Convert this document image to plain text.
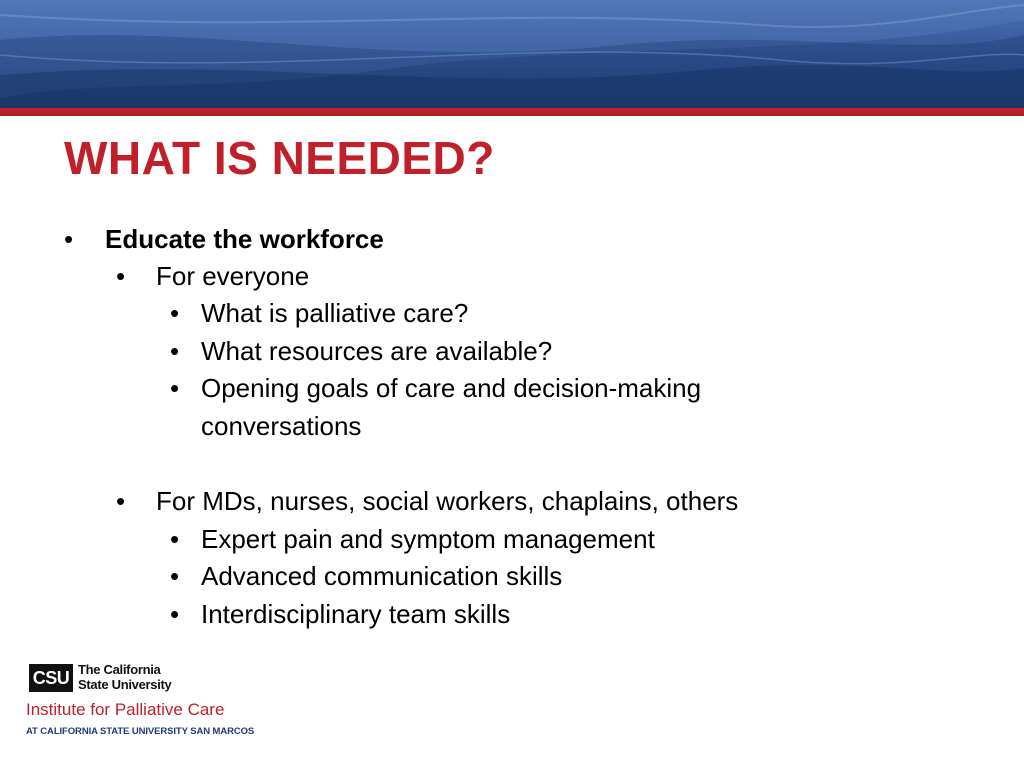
WHAT IS NEEDED?
• Educate the workforce
• For everyone
• What is palliative care?
• What resources are available?
• Opening goals of care and decision-making
conversations
• For MDs, nurses, social workers, chaplains, others
• Expert pain and symptom management
• Advanced communication skills
• Interdisciplinary team skills
CSU The California
State University
Institute for Palliative Care
AT CALIFORNIA STATE UNIVERSITY SAN MARCOS
